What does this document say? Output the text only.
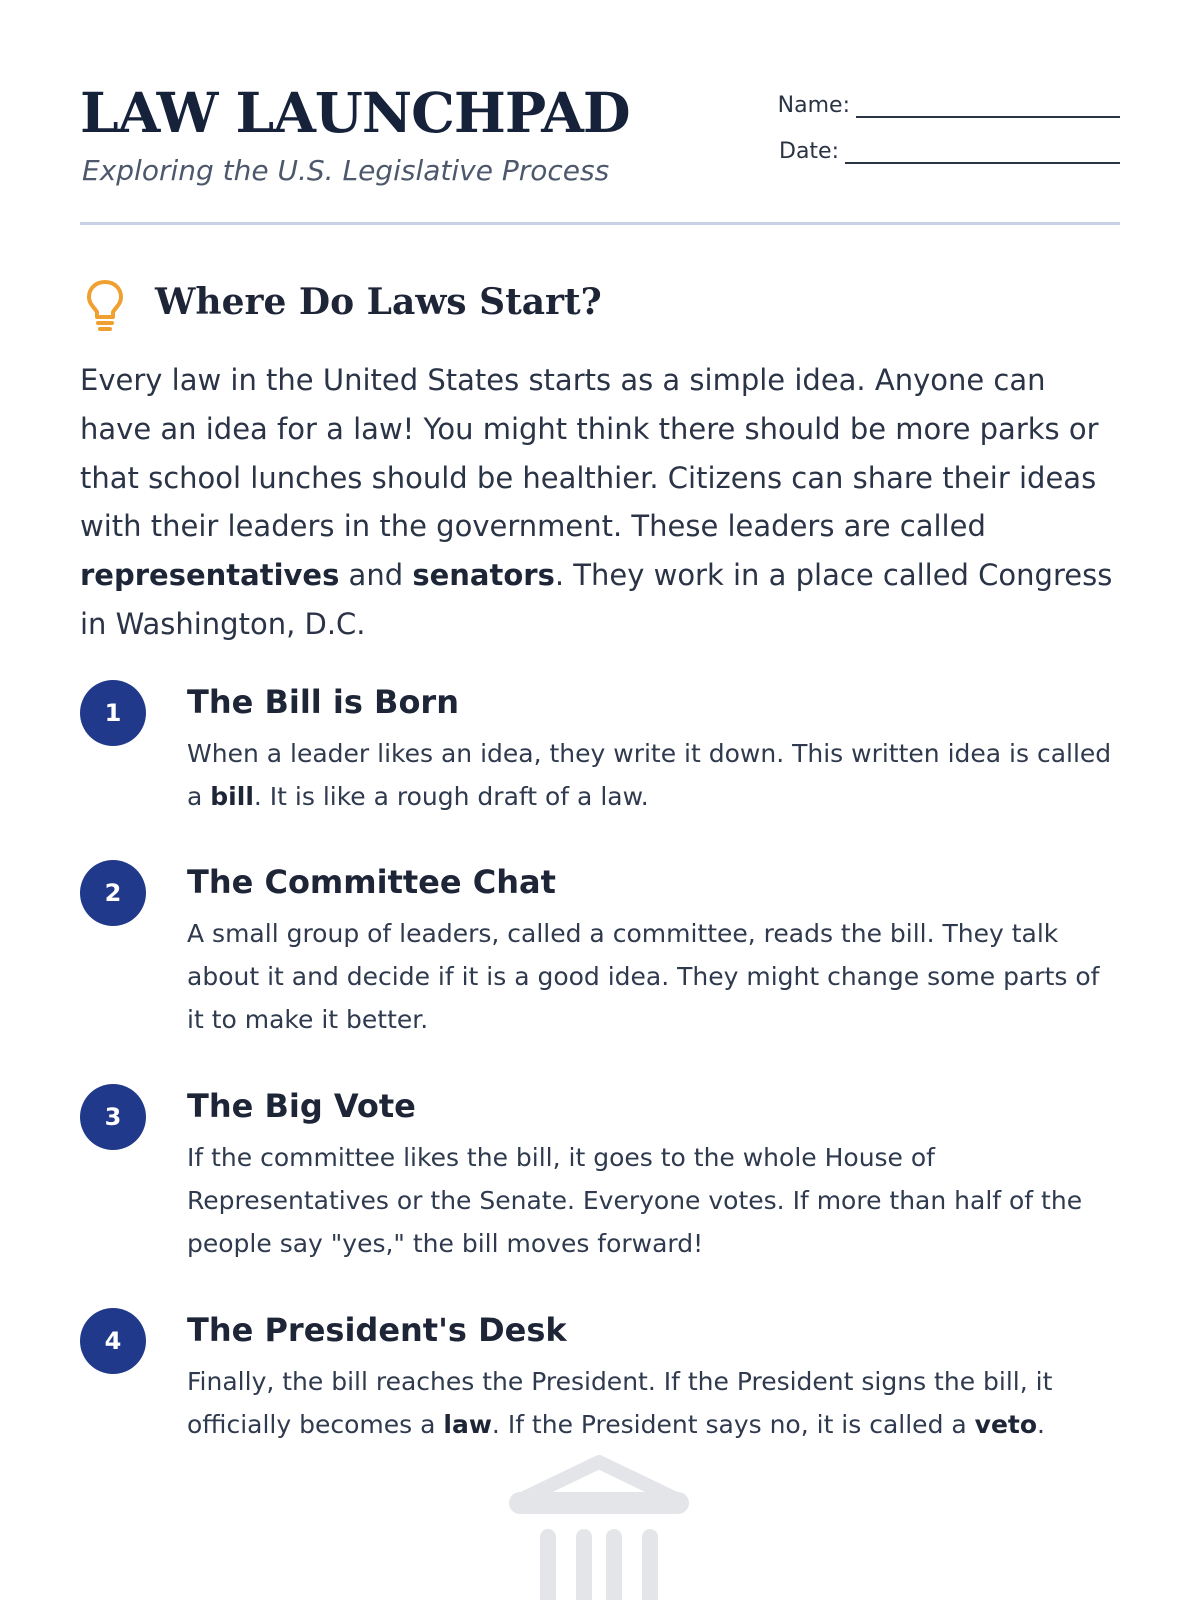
LAW LAUNCHPAD

Exploring the U.S. Legislative Process

Name:
Date:
Where Do Laws Start?

Every law in the United States starts as a simple idea. Anyone can have an idea for a law! You might think there should be more parks or that school lunches should be healthier. Citizens can share their ideas with their leaders in the government. These leaders are called representatives and senators. They work in a place called Congress in Washington, D.C.

1	The Bill is Born

When a leader likes an idea, they write it down. This written idea is called a bill. It is like a rough draft of a law.

2	The Committee Chat

A small group of leaders, called a committee, reads the bill. They talk about it and decide if it is a good idea. They might change some parts of it to make it better.

3	The Big Vote

If the committee likes the bill, it goes to the whole House of Representatives or the Senate. Everyone votes. If more than half of the people say "yes," the bill moves forward!

4	The President's Desk

Finally, the bill reaches the President. If the President signs the bill, it officially becomes a law. If the President says no, it is called a veto.
